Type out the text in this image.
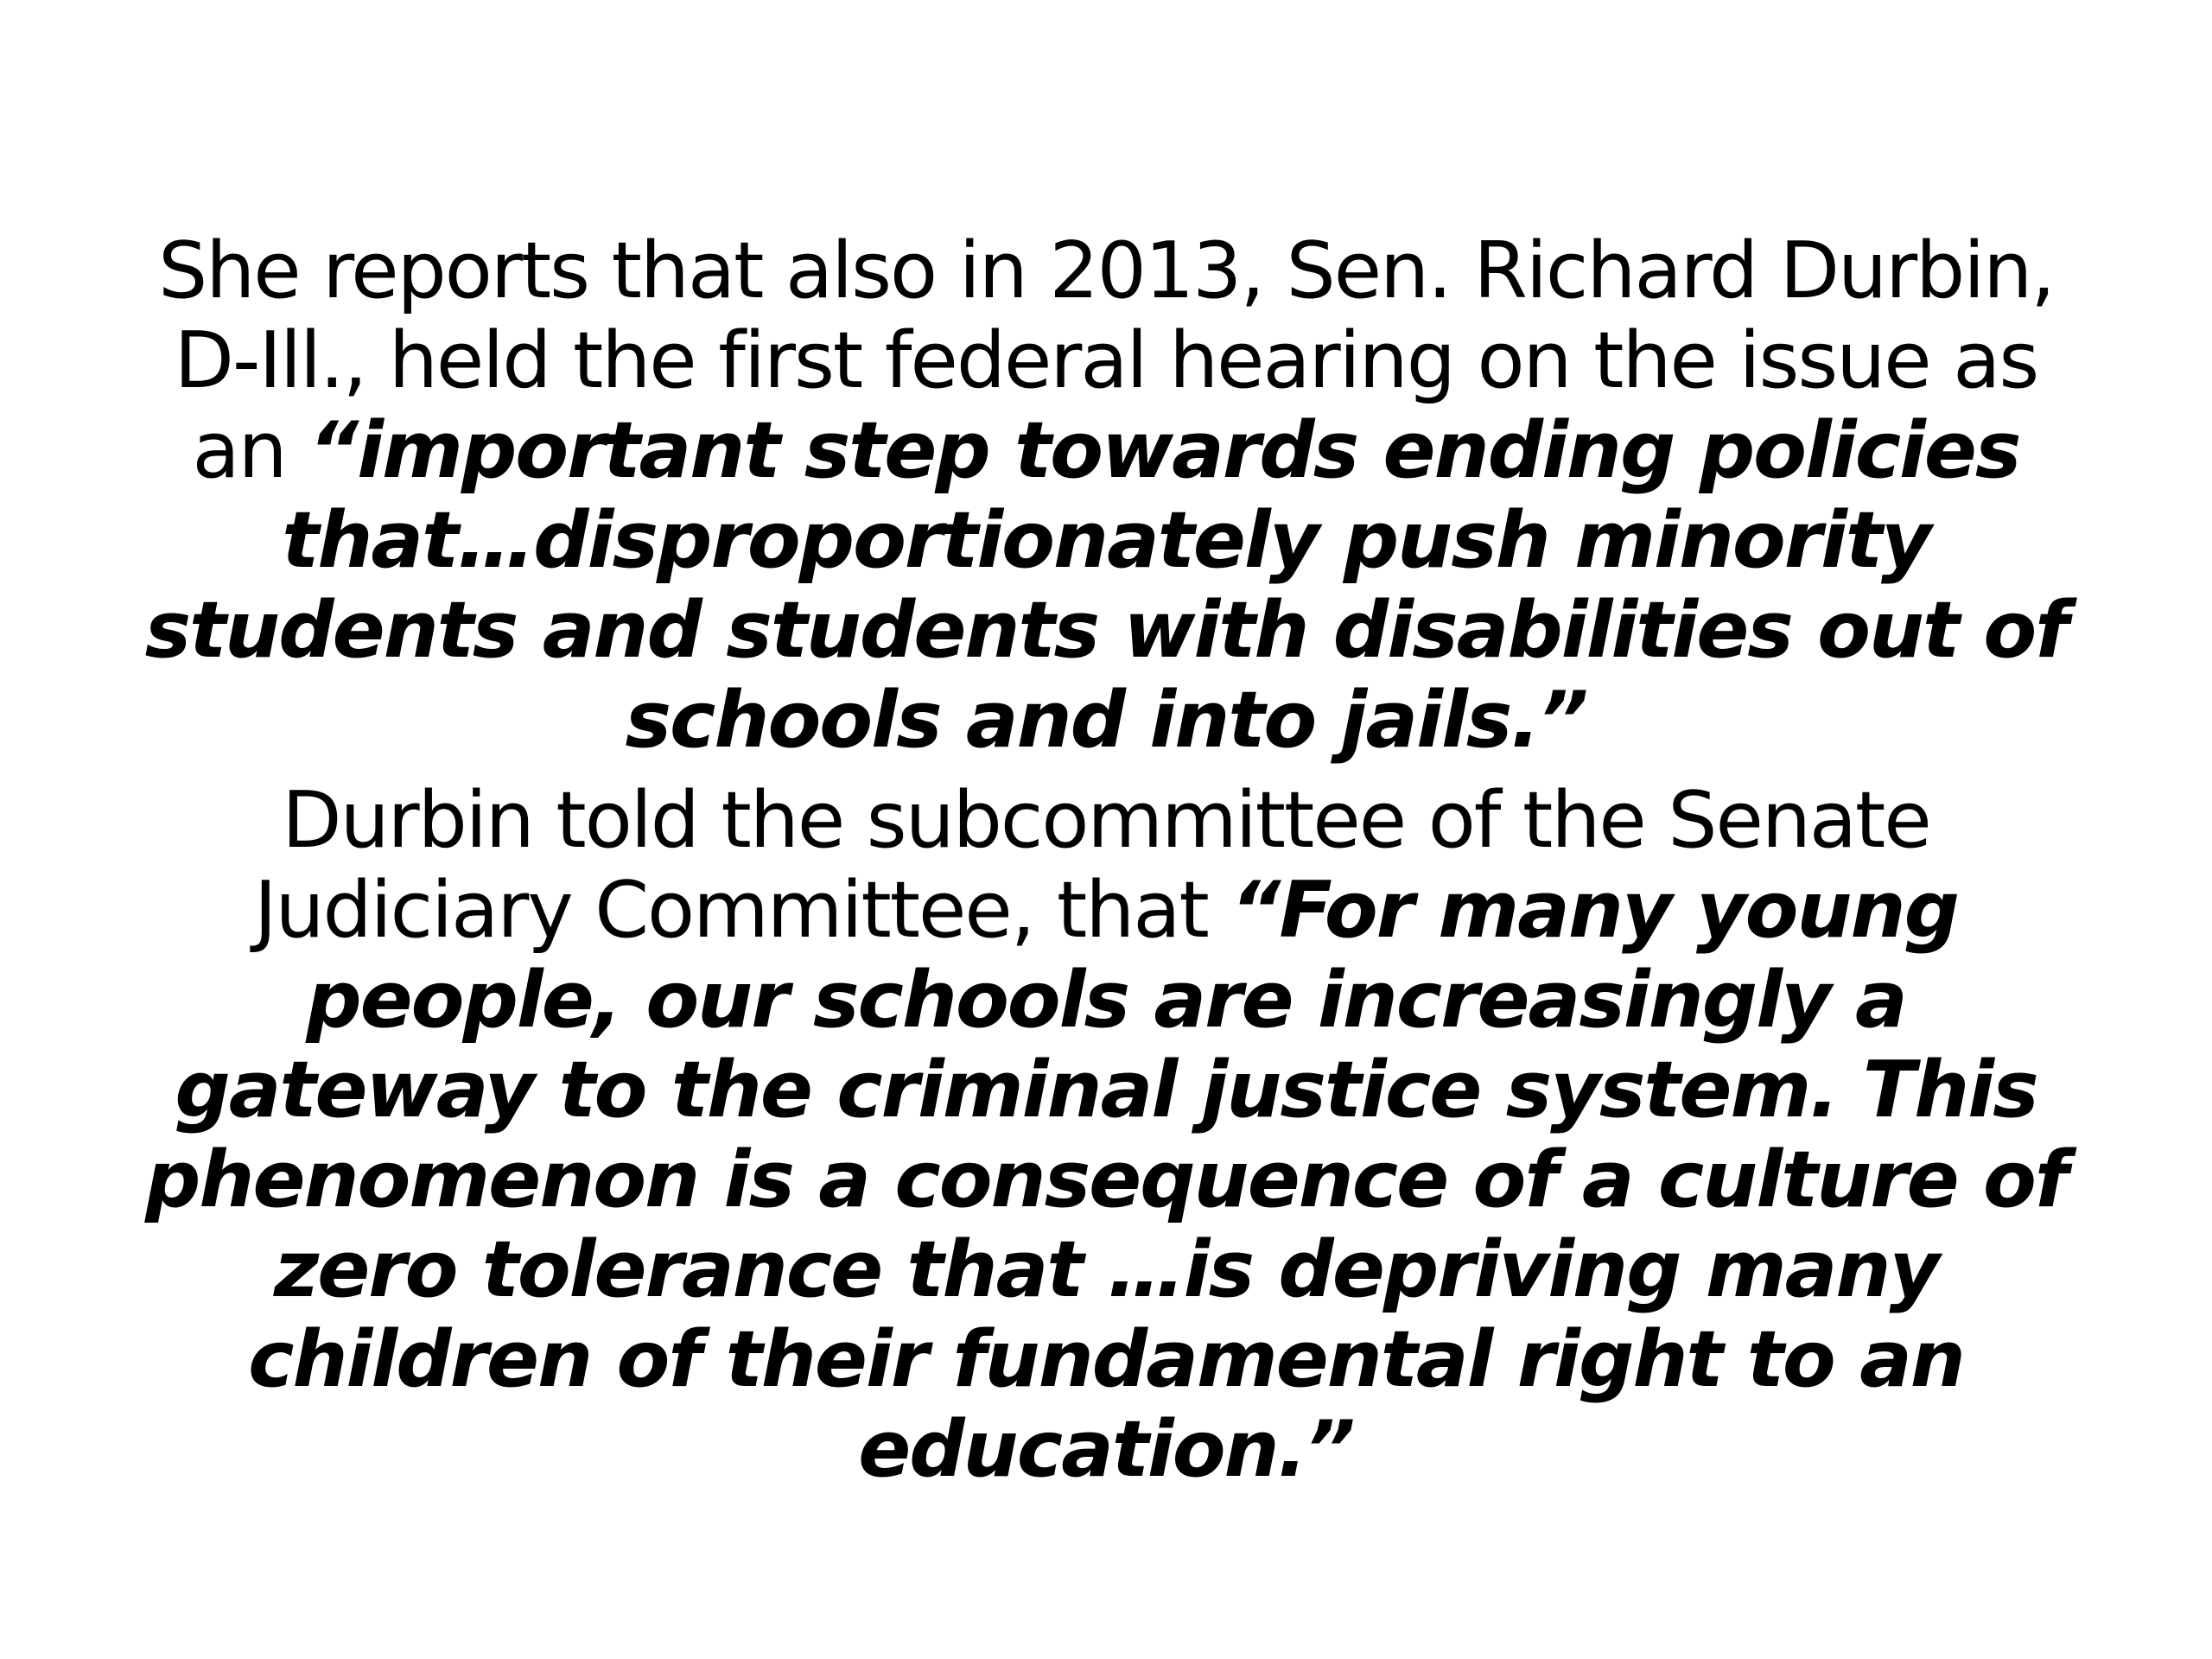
She reports that also in 2013, Sen. Richard Durbin, D-Ill., held the first federal hearing on the issue as an “important step towards ending policies that…disproportionately push minority students and students with disabilities out of schools and into jails.”

Durbin told the subcommittee of the Senate Judiciary Committee, that “For many young people, our schools are increasingly a gateway to the criminal justice system. This phenomenon is a consequence of a culture of zero tolerance that …is depriving many children of their fundamental right to an education.”
